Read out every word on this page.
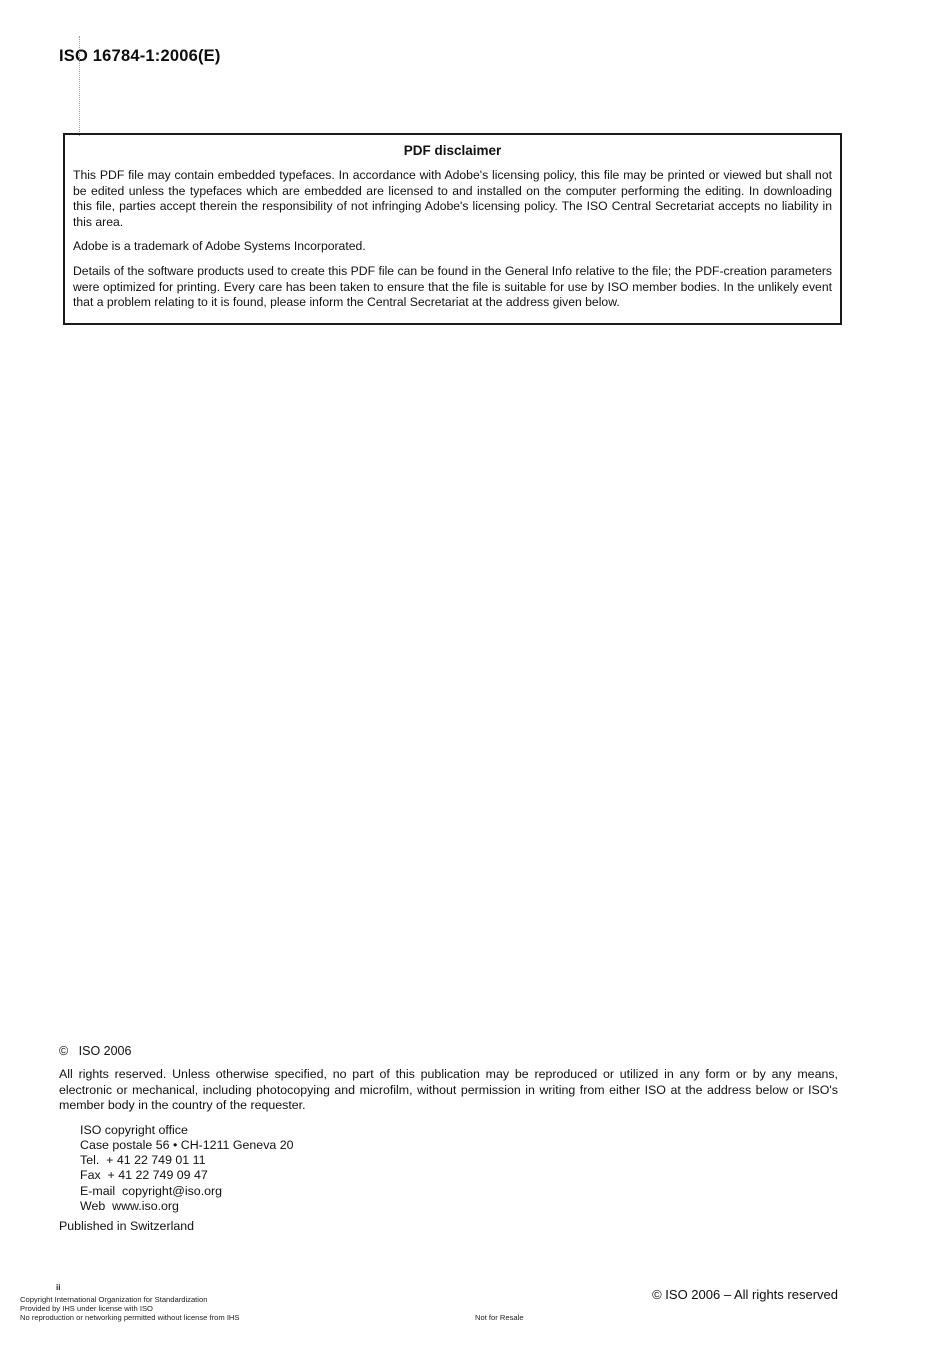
ISO 16784-1:2006(E)
PDF disclaimer

This PDF file may contain embedded typefaces. In accordance with Adobe's licensing policy, this file may be printed or viewed but shall not be edited unless the typefaces which are embedded are licensed to and installed on the computer performing the editing. In downloading this file, parties accept therein the responsibility of not infringing Adobe's licensing policy. The ISO Central Secretariat accepts no liability in this area.

Adobe is a trademark of Adobe Systems Incorporated.

Details of the software products used to create this PDF file can be found in the General Info relative to the file; the PDF-creation parameters were optimized for printing. Every care has been taken to ensure that the file is suitable for use by ISO member bodies. In the unlikely event that a problem relating to it is found, please inform the Central Secretariat at the address given below.

©   ISO 2006

All rights reserved. Unless otherwise specified, no part of this publication may be reproduced or utilized in any form or by any means, electronic or mechanical, including photocopying and microfilm, without permission in writing from either ISO at the address below or ISO's member body in the country of the requester.

ISO copyright office
Case postale 56 • CH-1211 Geneva 20
Tel.  + 41 22 749 01 11
Fax  + 41 22 749 09 47
E-mail  copyright@iso.org
Web  www.iso.org
Published in Switzerland
ii
Copyright International Organization for Standardization
Provided by IHS under license with ISO
No reproduction or networking permitted without license from IHS	Not for Resale
© ISO 2006 – All rights reserved
